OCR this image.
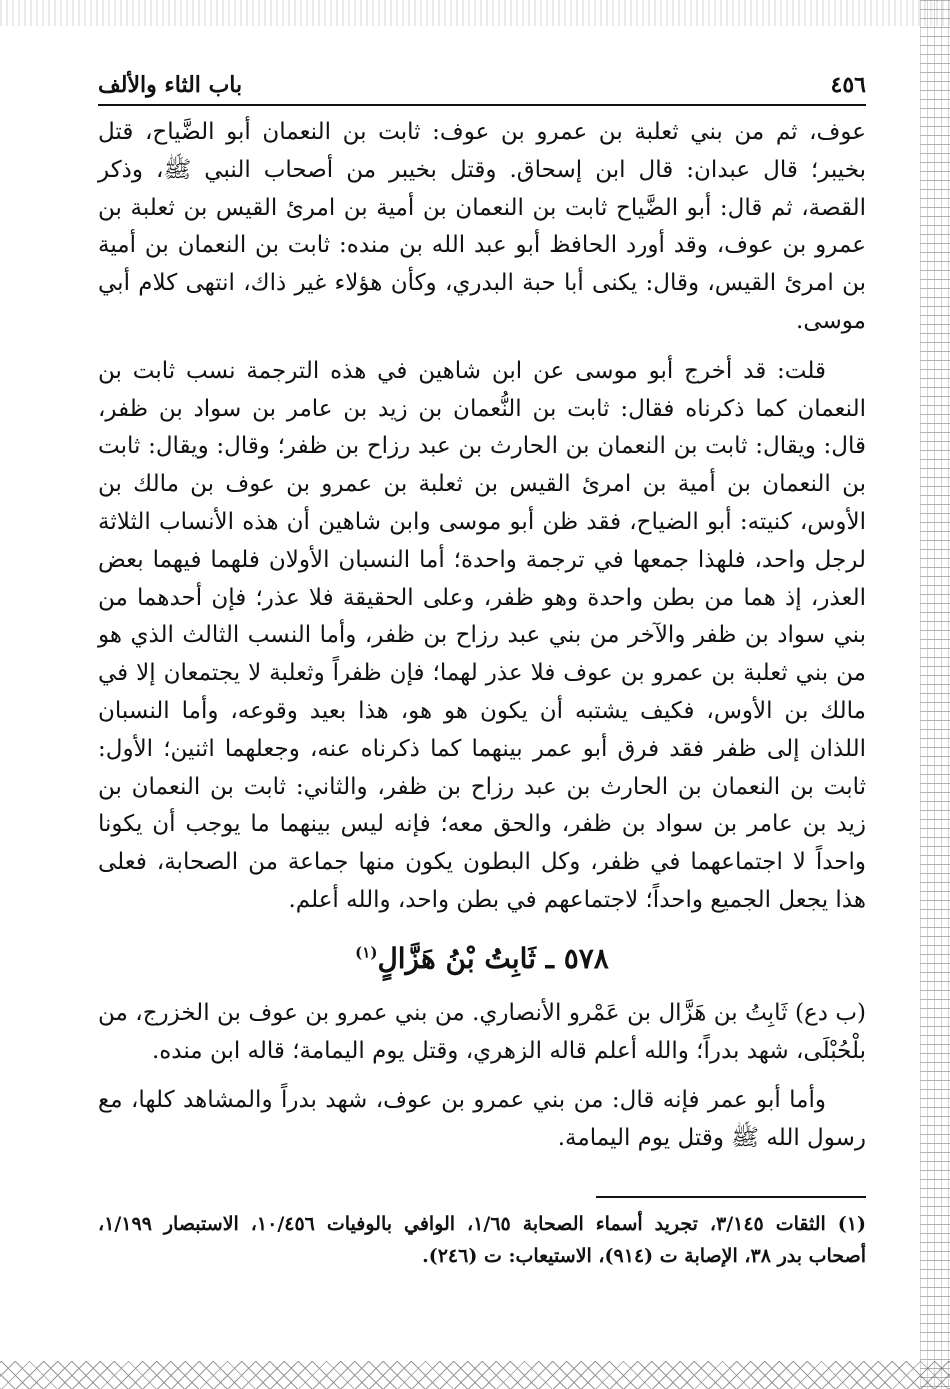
٤٥٦
باب الثاء والألف

عوف، ثم من بني ثعلبة بن عمرو بن عوف: ثابت بن النعمان أبو الضَّياح، قتل بخيبر؛ قال عبدان: قال ابن إسحاق. وقتل بخيبر من أصحاب النبي ﷺ، وذكر القصة، ثم قال: أبو الضَّياح ثابت بن النعمان بن أمية بن امرئ القيس بن ثعلبة بن عمرو بن عوف، وقد أورد الحافظ أبو عبد الله بن منده: ثابت بن النعمان بن أمية بن امرئ القيس، وقال: يكنى أبا حبة البدري، وكأن هؤلاء غير ذاك، انتهى كلام أبي موسى.

قلت: قد أخرج أبو موسى عن ابن شاهين في هذه الترجمة نسب ثابت بن النعمان كما ذكرناه فقال: ثابت بن النُّعمان بن زيد بن عامر بن سواد بن ظفر، قال: ويقال: ثابت بن النعمان بن الحارث بن عبد رزاح بن ظفر؛ وقال: ويقال: ثابت بن النعمان بن أمية بن امرئ القيس بن ثعلبة بن عمرو بن عوف بن مالك بن الأوس، كنيته: أبو الضياح، فقد ظن أبو موسى وابن شاهين أن هذه الأنساب الثلاثة لرجل واحد، فلهذا جمعها في ترجمة واحدة؛ أما النسبان الأولان فلهما فيهما بعض العذر، إذ هما من بطن واحدة وهو ظفر، وعلى الحقيقة فلا عذر؛ فإن أحدهما من بني سواد بن ظفر والآخر من بني عبد رزاح بن ظفر، وأما النسب الثالث الذي هو من بني ثعلبة بن عمرو بن عوف فلا عذر لهما؛ فإن ظفراً وثعلبة لا يجتمعان إلا في مالك بن الأوس، فكيف يشتبه أن يكون هو هو، هذا بعيد وقوعه، وأما النسبان اللذان إلى ظفر فقد فرق أبو عمر بينهما كما ذكرناه عنه، وجعلهما اثنين؛ الأول: ثابت بن النعمان بن الحارث بن عبد رزاح بن ظفر، والثاني: ثابت بن النعمان بن زيد بن عامر بن سواد بن ظفر، والحق معه؛ فإنه ليس بينهما ما يوجب أن يكونا واحداً لا اجتماعهما في ظفر، وكل البطون يكون منها جماعة من الصحابة، فعلى هذا يجعل الجميع واحداً؛ لاجتماعهم في بطن واحد، والله أعلم.

٥٧٨ ـ ثَابِتُ بْنُ هَزَّالٍ$^{(١)}$

(ب دع) ثَابِتُ بن هَزَّال بن عَمْرو الأنصاري. من بني عمرو بن عوف بن الخزرج، من بلْحُبْلَى، شهد بدراً؛ والله أعلم قاله الزهري، وقتل يوم اليمامة؛ قاله ابن منده.

وأما أبو عمر فإنه قال: من بني عمرو بن عوف، شهد بدراً والمشاهد كلها، مع رسول الله ﷺ وقتل يوم اليمامة.

(١) الثقات ٣/١٤٥، تجريد أسماء الصحابة ١/٦٥، الوافي بالوفيات ١٠/٤٥٦، الاستبصار ١/١٩٩، أصحاب بدر ٣٨، الإصابة ت (٩١٤)، الاستيعاب: ت (٢٤٦).
